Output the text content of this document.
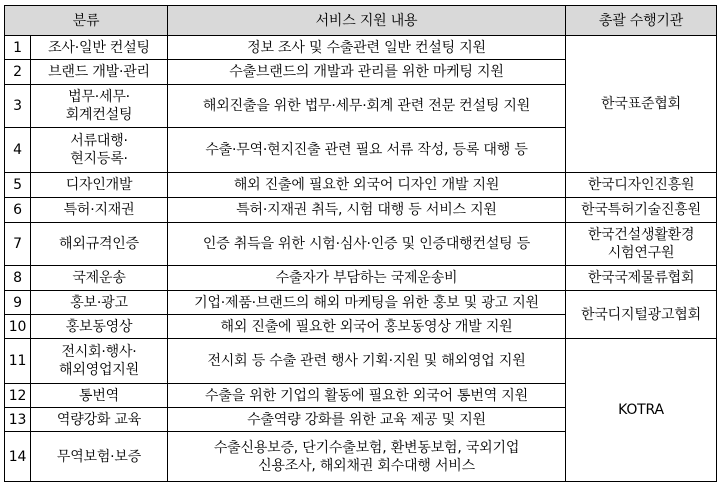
분류		서비스 지원 내용	총괄 수행기관
1	조사·일반 컨설팅	정보 조사 및 수출관련 일반 컨설팅 지원	한국표준협회

2	브랜드 개발·관리	수출브랜드의 개발과 관리를 위한 마케팅 지원	

3	법무·세무·
회계컨설팅	해외진출을 위한 법무·세무·회계 관련 전문 컨설팅 지원	

4	서류대행·
현지등록·	수출·무역·현지진출 관련 필요 서류 작성, 등록 대행 등	

5	디자인개발	해외 진출에 필요한 외국어 디자인 개발 지원	한국디자인진흥원

6	특허·지재권	특허·지재권 취득, 시험 대행 등 서비스 지원	한국특허기술진흥원

7	해외규격인증	인증 취득을 위한 시험·심사·인증 및 인증대행컨설팅 등	한국건설생활환경
시험연구원

8	국제운송	수출자가 부담하는 국제운송비	한국국제물류협회

9	홍보·광고	기업·제품·브랜드의 해외 마케팅을 위한 홍보 및 광고 지원	한국디지털광고협회

10	홍보동영상	해외 진출에 필요한 외국어 홍보동영상 개발 지원	

11	전시회·행사·
해외영업지원	전시회 등 수출 관련 행사 기획·지원 및 해외영업 지원	KOTRA

12	통번역	수출을 위한 기업의 활동에 필요한 외국어 통번역 지원	

13	역량강화 교육	수출역량 강화를 위한 교육 제공 및 지원	

14	무역보험·보증	수출신용보증, 단기수출보험, 환변동보험, 국외기업
신용조사, 해외채권 회수대행 서비스	
